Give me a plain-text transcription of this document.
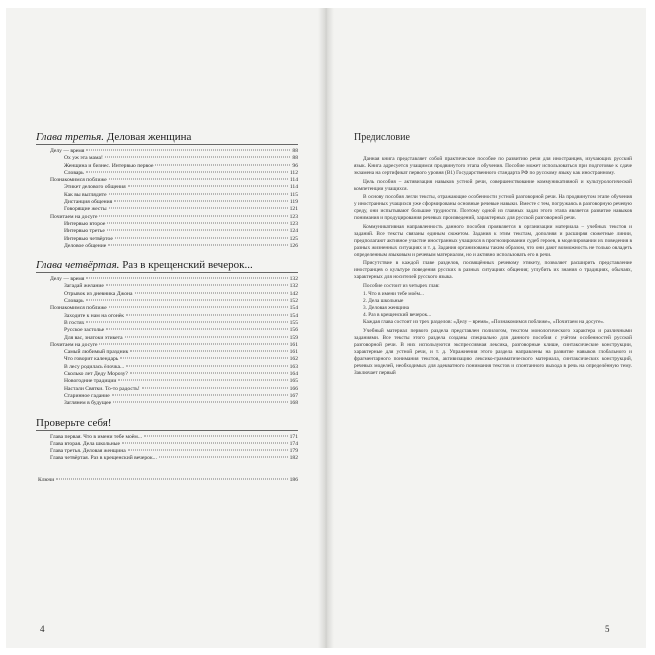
Глава третья. Деловая женщина
Делу — время	88
Ох уж эта мама!	88
Женщина и бизнес. Интервью первое	96
Словарь	112
Познакомимся поближе	114
Этикет делового общения	114
Как вы выглядите	115
Дистанция общения	119
Говорящие жесты	121
Почитаем на досуге	123
Интервью второе	123
Интервью третье	124
Интервью четвёртое	125
Деловое общение	126
Глава четвёртая. Раз в крещенский вечерок...
Делу — время	132
Загадай желание	132
Отрывок из дневника Джона	142
Словарь	152
Познакомимся поближе	154
Заходите к нам на огонёк	154
В гостях	155
Русское застолье	156
Для вас, знатоки этикета	159
Почитаем на досуге	161
Самый любимый праздник	161
Что говорит календарь	162
В лесу родилась ёлочка...	163
Сколько лет Деду Морозу?	164
Новогодние традиции	165
Настали Святки. То-то радость!	166
Старинное гадание	167
Заглянем в будущее	168
Проверьте себя!
Глава первая. Что в имени тебе моём...	171
Глава вторая. Дела школьные	174
Глава третья. Деловая женщина	179
Глава четвёртая. Раз в крещенский вечерок...	182
Ключи	186
4
Предисловие

Данная книга представляет собой практическое пособие по развитию речи для иностранцев, изучающих русский язык. Книга адресуется учащимся продвинутого этапа обучения. Пособие может использоваться при подготовке к сдаче экзамена на сертификат первого уровня (В1) Государственного стандарта РФ по русскому языку как иностранному.

Цель пособия – активизация навыков устной речи, совершенствование коммуникативной и культурологической компетенции учащихся.

В основу пособия легли тексты, отражающие особенности устной разговорной речи. На продвинутом этапе обучения у иностранных учащихся уже сформированы основные речевые навыки. Вместе с тем, погружаясь в разговорную речевую среду, они испытывают большие трудности. Поэтому одной из главных задач этого этапа является развитие навыков понимания и продуцирования речевых произведений, характерных для русской разговорной речи.

Коммуникативная направленность данного пособия проявляется в организации материала – учебных текстов и заданий. Все тексты связаны единым сюжетом. Задания к этим текстам, дополняя и расширяя сюжетные линии, предполагают активное участие иностранных учащихся в прогнозировании судеб героев, в моделировании их поведения в разных жизненных ситуациях и т. д. Задания организованы таким образом, что они дают возможность не только овладеть определенным языковым и речевым материалом, но и активно использовать его в речи.

Присутствие в каждой главе разделов, посвящённых речевому этикету, позволяет расширить представление иностранцев о культуре поведения русских в разных ситуациях общения; углубить их знания о традициях, обычаях, характерных для носителей русского языка.

Пособие состоит из четырех глав:

1. Что в имени тебе моём...
2. Дела школьные
3. Деловая женщина
4. Раз в крещенский вечерок...

Каждая глава состоит из трех разделов: «Делу – время», «Познакомимся поближе», «Почитаем на досуге».

Учебный материал первого раздела представлен полилогом, текстом монологического характера и различными заданиями. Все тексты этого раздела созданы специально для данного пособия с учётом особенностей русской разговорной речи. В них используются экспрессивная лексика, разговорные клише, синтаксические конструкции, характерные для устной речи, и т. д. Упражнения этого раздела направлены на развитие навыков глобального и фрагментарного понимания текстов, активизацию лексико-грамматического материала, синтаксических конструкций, речевых моделей, необходимых для адекватного понимания текстов и спонтанного выхода в речь на определённую тему. Заключает первый

5
